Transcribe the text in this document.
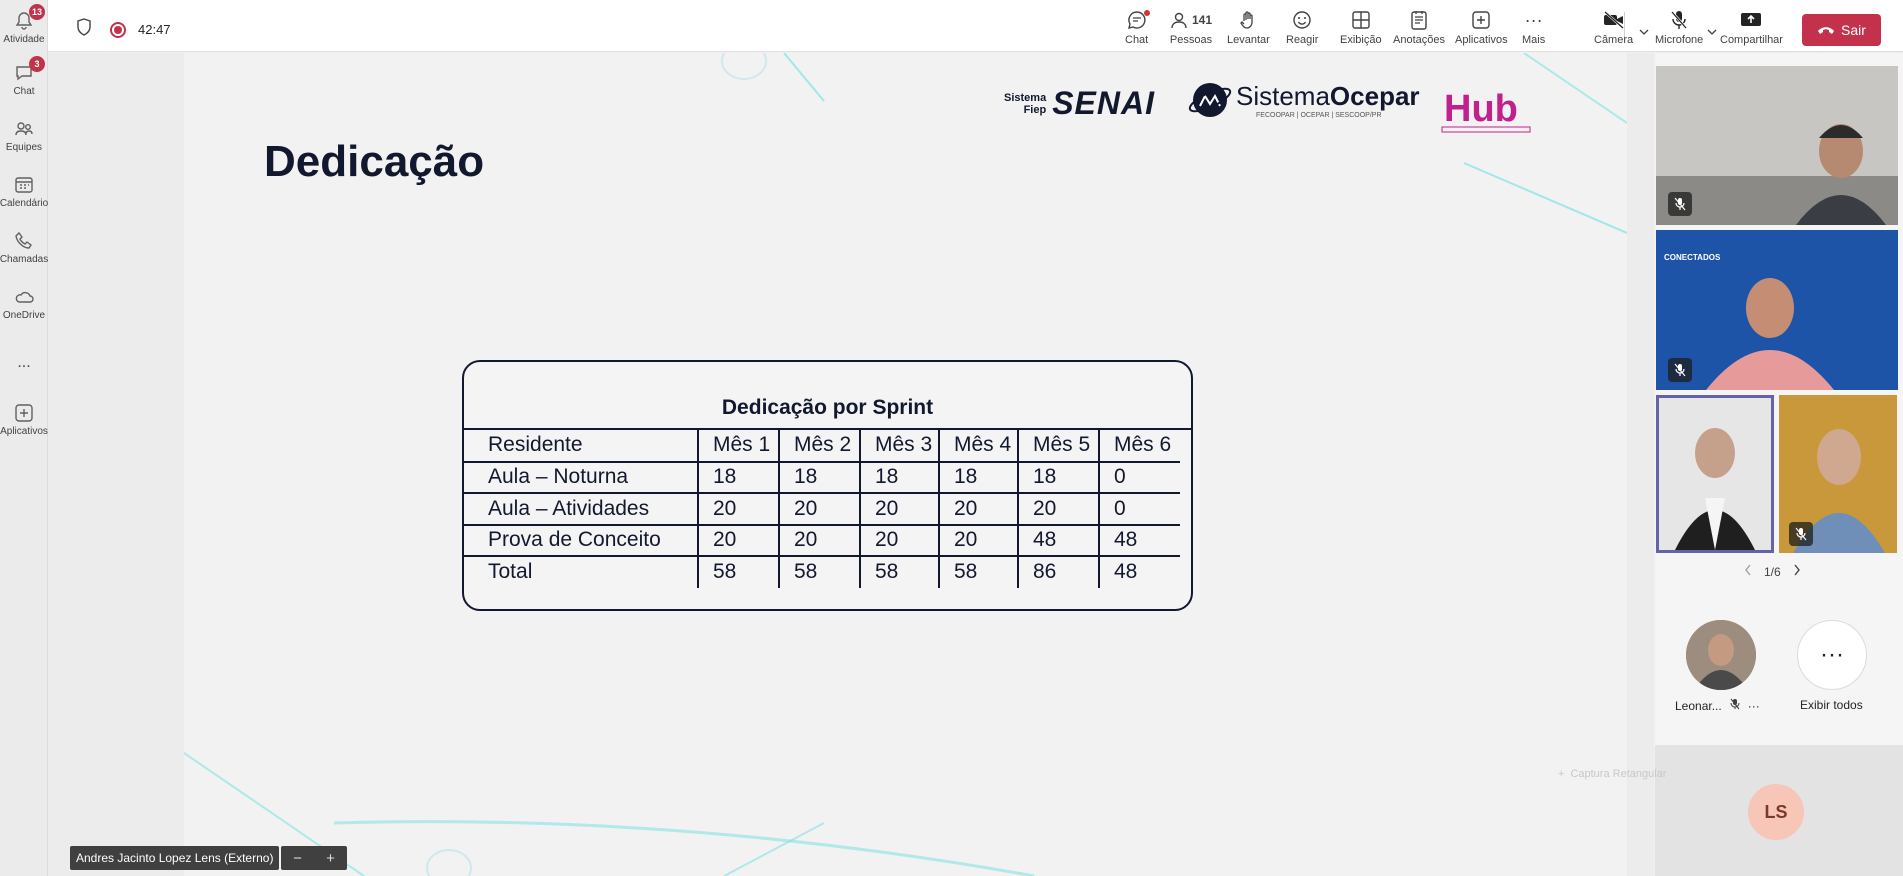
13
Atividade
3
Chat
Equipes
Calendário
Chamadas
OneDrive
...
Aplicativos
42:47
Chat
141
Pessoas Levantar Reagir Exibição Anotações Aplicativos
···
Mais	Câmera Microfone Compartilhar
Sair
Dedicação
Sistema
Fiep SENAI	SistemaOcepar
FECOOPAR | OCEPAR | SESCOOP/PR	Hub
Dedicação por Sprint
Residente	Mês 1	Mês 2	Mês 3	Mês 4	Mês 5	Mês 6
Aula – Noturna	18	18	18	18	18	0
Aula – Atividades	20	20	20	20	20	0
Prova de Conceito	20	20	20	20	48	48
Total	58	58	58	58	86	48
Andres Jacinto Lopez Lens (Externo)	− +
CONECTADOS
1/6
···
Leonar... ···	Exibir todos
+ Captura Retangular
LS
